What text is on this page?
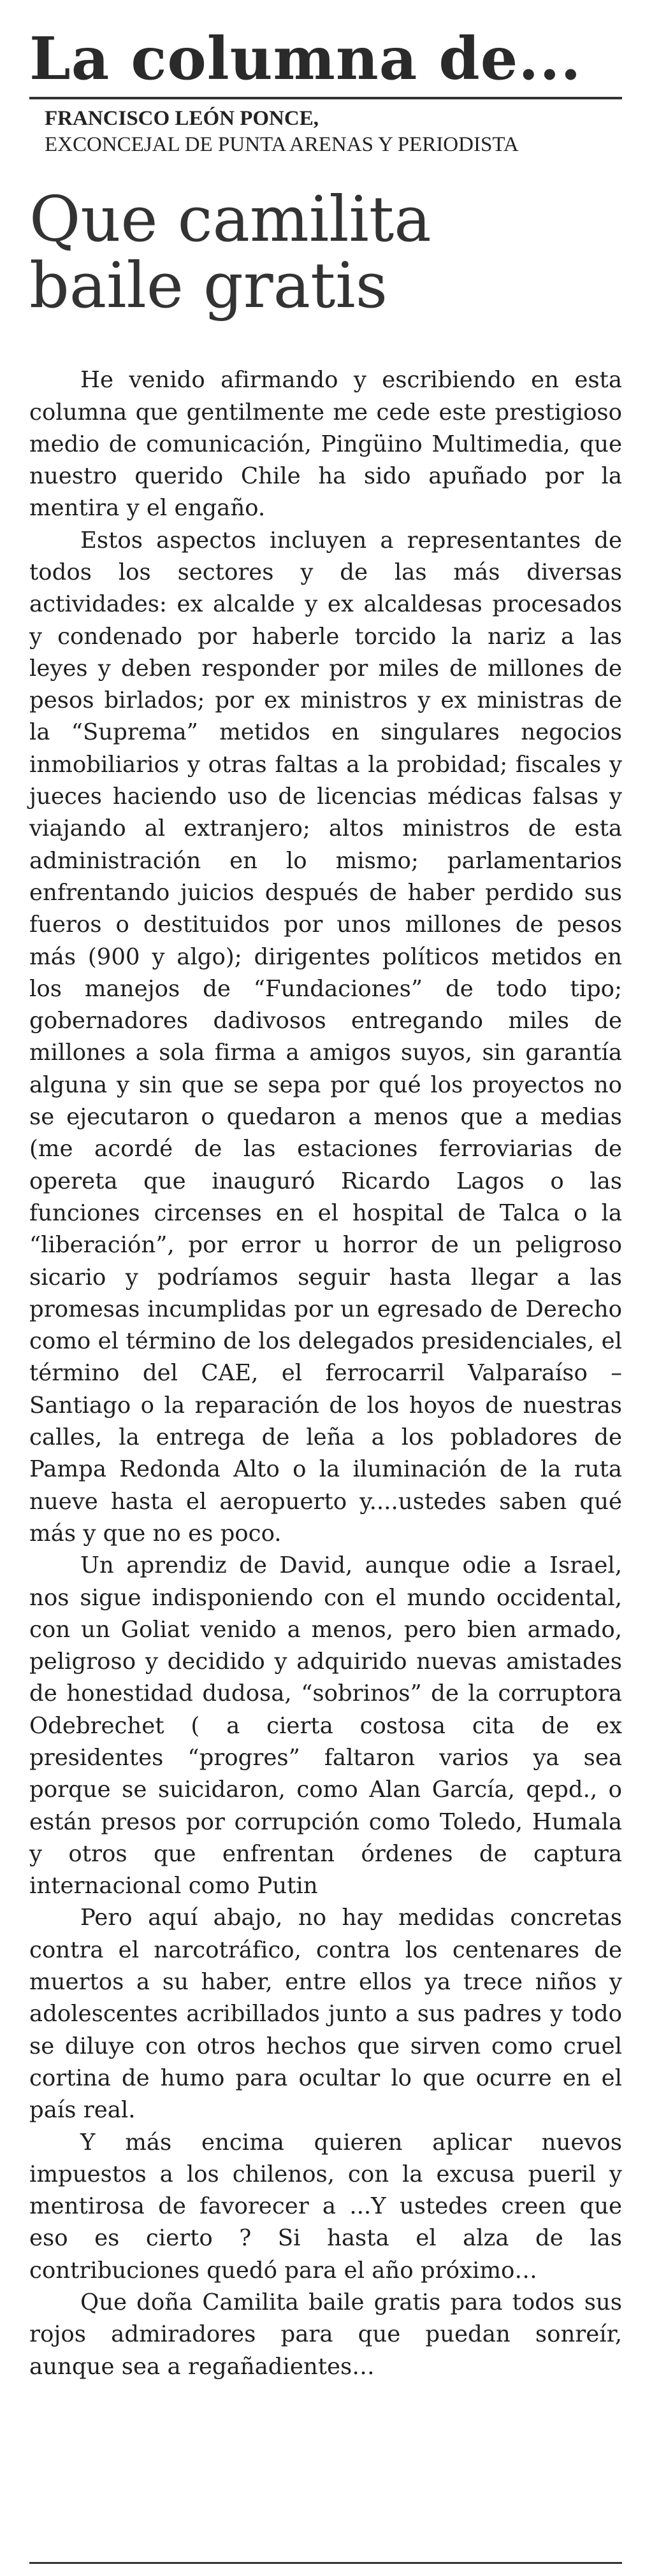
La columna de...
FRANCISCO LEÓN PONCE,
EXCONCEJAL DE PUNTA ARENAS Y PERIODISTA
Que camilita
baile gratis

He venido afirmando y escribiendo en esta columna que gentilmente me cede este prestigioso medio de comunicación, Pingüino Multimedia, que nuestro querido Chile ha sido apuñado por la mentira y el engaño.

Estos aspectos incluyen a representantes de todos los sectores y de las más diversas actividades: ex alcalde y ex alcaldesas procesados y condenado por haberle torcido la nariz a las leyes y deben responder por miles de millones de pesos birlados; por ex ministros y ex ministras de la “Suprema” metidos en singulares negocios inmobiliarios y otras faltas a la probidad; fiscales y jueces haciendo uso de licencias médicas falsas y viajando al extranjero; altos ministros de esta administración en lo mismo; parlamentarios enfrentando juicios después de haber perdido sus fueros o destituidos por unos millones de pesos más (900 y algo); dirigentes políticos metidos en los manejos de “Fundaciones” de todo tipo; gobernadores dadivosos entregando miles de millones a sola firma a amigos suyos, sin garantía alguna y sin que se sepa por qué los proyectos no se ejecutaron o quedaron a menos que a medias (me acordé de las estaciones ferroviarias de opereta que inauguró Ricardo Lagos o las funciones circenses en el hospital de Talca o la “liberación”, por error u horror de un peligroso sicario y podríamos seguir hasta llegar a las promesas incumplidas por un egresado de Derecho como el término de los delegados presidenciales, el término del CAE, el ferrocarril Valparaíso – Santiago o la reparación de los hoyos de nuestras calles, la entrega de leña a los pobladores de Pampa Redonda Alto o la iluminación de la ruta nueve hasta el aeropuerto y....ustedes saben qué más y que no es poco.

Un aprendiz de David, aunque odie a Israel, nos sigue indisponiendo con el mundo occidental, con un Goliat venido a menos, pero bien armado, peligroso y decidido y adquirido nuevas amistades de honestidad dudosa, “sobrinos” de la corruptora Odebrechet ( a cierta costosa cita de ex presidentes “progres” faltaron varios ya sea porque se suicidaron, como Alan García, qepd., o están presos por corrupción como Toledo, Humala y otros que enfrentan órdenes de captura internacional como Putin

Pero aquí abajo, no hay medidas concretas contra el narcotráfico, contra los centenares de muertos a su haber, entre ellos ya trece niños y adolescentes acribillados junto a sus padres y todo se diluye con otros hechos que sirven como cruel cortina de humo para ocultar lo que ocurre en el país real.

Y más encima quieren aplicar nuevos impuestos a los chilenos, con la excusa pueril y mentirosa de favorecer a ...Y ustedes creen que eso es cierto ? Si hasta el alza de las contribuciones quedó para el año próximo…

Que doña Camilita baile gratis para todos sus rojos admiradores para que puedan sonreír, aunque sea a regañadientes…
